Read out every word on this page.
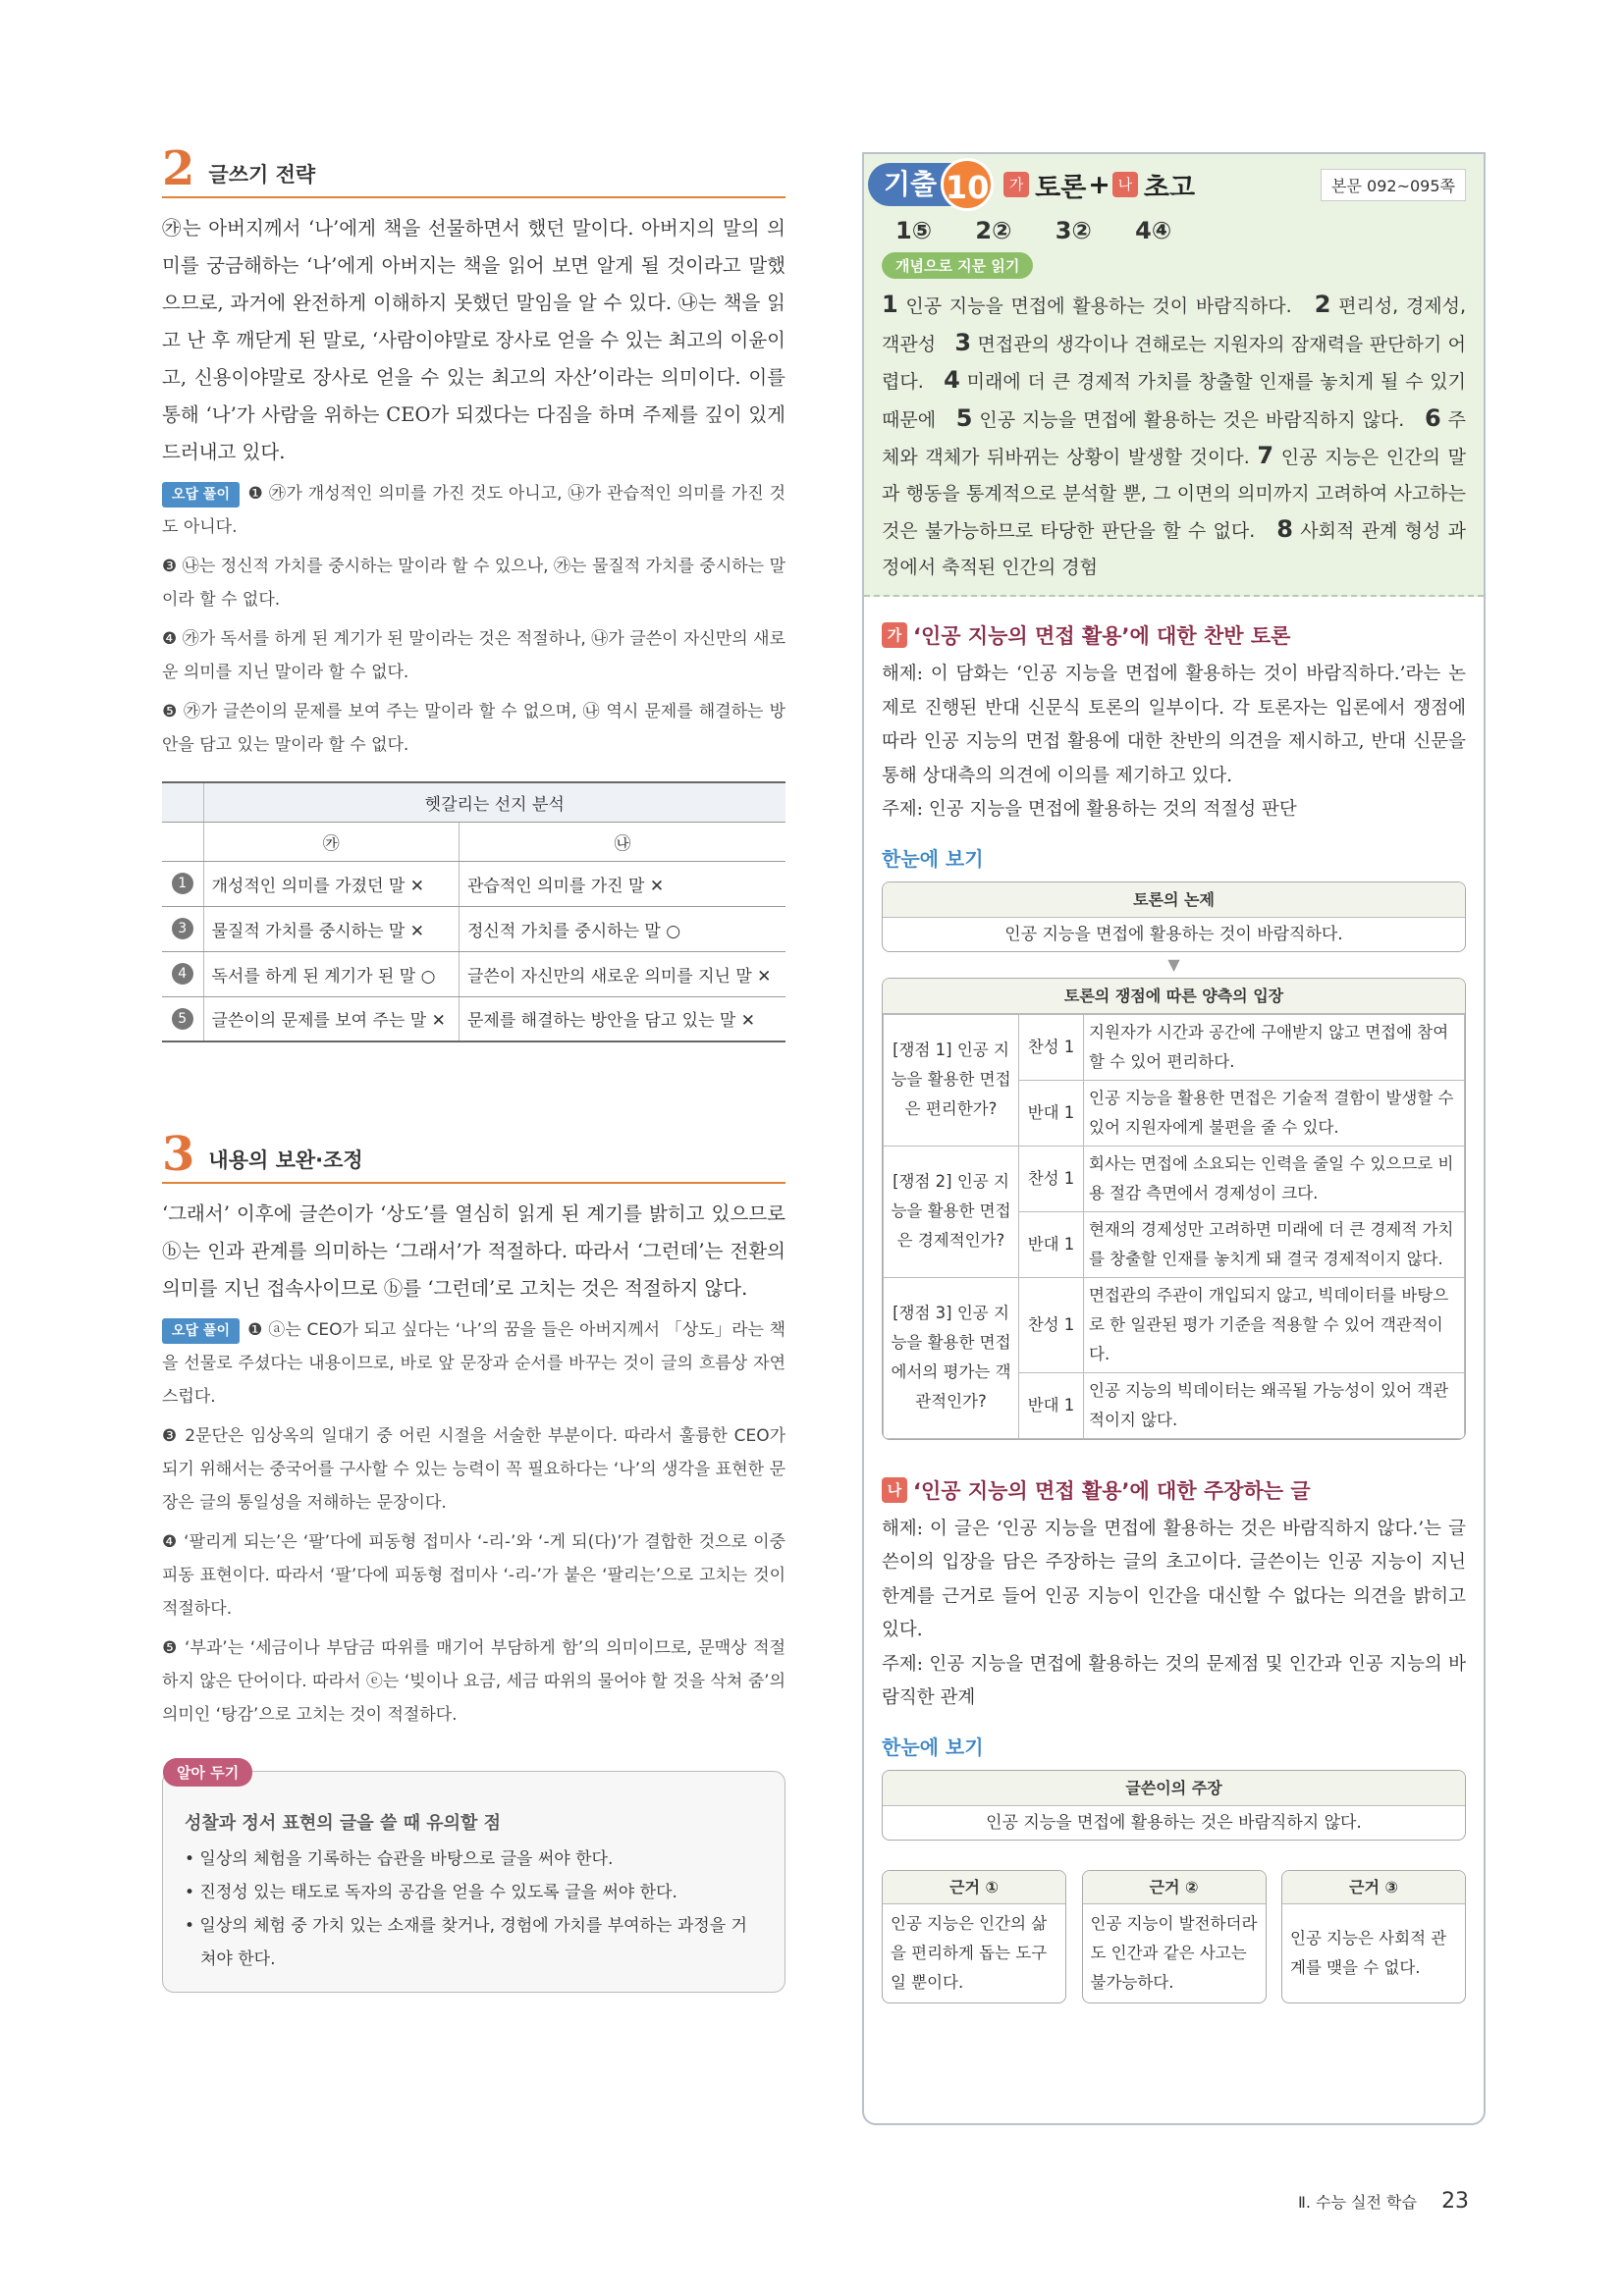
2 글쓰기 전략

㉮는 아버지께서 ‘나’에게 책을 선물하면서 했던 말이다. 아버지의 말의 의미를 궁금해하는 ‘나’에게 아버지는 책을 읽어 보면 알게 될 것이라고 말했으므로, 과거에 완전하게 이해하지 못했던 말임을 알 수 있다. ㉯는 책을 읽고 난 후 깨닫게 된 말로, ‘사람이야말로 장사로 얻을 수 있는 최고의 이윤이고, 신용이야말로 장사로 얻을 수 있는 최고의 자산’이라는 의미이다. 이를 통해 ‘나’가 사람을 위하는 CEO가 되겠다는 다짐을 하며 주제를 깊이 있게 드러내고 있다.

오답 풀이 ❶ ㉮가 개성적인 의미를 가진 것도 아니고, ㉯가 관습적인 의미를 가진 것도 아니다.
❸ ㉯는 정신적 가치를 중시하는 말이라 할 수 있으나, ㉮는 물질적 가치를 중시하는 말이라 할 수 없다.
❹ ㉮가 독서를 하게 된 계기가 된 말이라는 것은 적절하나, ㉯가 글쓴이 자신만의 새로운 의미를 지닌 말이라 할 수 없다.
❺ ㉮가 글쓴이의 문제를 보여 주는 말이라 할 수 없으며, ㉯ 역시 문제를 해결하는 방안을 담고 있는 말이라 할 수 없다.
	헷갈리는 선지 분석	
	㉮	㉯
1	개성적인 의미를 가졌던 말 ✕	관습적인 의미를 가진 말 ✕
3	물질적 가치를 중시하는 말 ✕	정신적 가치를 중시하는 말 ○
4	독서를 하게 된 계기가 된 말 ○	글쓴이 자신만의 새로운 의미를 지닌 말 ✕
5	글쓴이의 문제를 보여 주는 말 ✕	문제를 해결하는 방안을 담고 있는 말 ✕
3 내용의 보완·조정

‘그래서’ 이후에 글쓴이가 ‘상도’를 열심히 읽게 된 계기를 밝히고 있으므로 ⓑ는 인과 관계를 의미하는 ‘그래서’가 적절하다. 따라서 ‘그런데’는 전환의 의미를 지닌 접속사이므로 ⓑ를 ‘그런데’로 고치는 것은 적절하지 않다.

오답 풀이 ❶ ⓐ는 CEO가 되고 싶다는 ‘나’의 꿈을 들은 아버지께서 「상도」라는 책을 선물로 주셨다는 내용이므로, 바로 앞 문장과 순서를 바꾸는 것이 글의 흐름상 자연스럽다.
❸ 2문단은 임상옥의 일대기 중 어린 시절을 서술한 부분이다. 따라서 훌륭한 CEO가 되기 위해서는 중국어를 구사할 수 있는 능력이 꼭 필요하다는 ‘나’의 생각을 표현한 문장은 글의 통일성을 저해하는 문장이다.
❹ ‘팔리게 되는’은 ‘팔’다에 피동형 접미사 ‘-리-’와 ‘-게 되(다)’가 결합한 것으로 이중 피동 표현이다. 따라서 ‘팔’다에 피동형 접미사 ‘-리-’가 붙은 ‘팔리는’으로 고치는 것이 적절하다.
❺ ‘부과’는 ‘세금이나 부담금 따위를 매기어 부담하게 함’의 의미이므로, 문맥상 적절하지 않은 단어이다. 따라서 ⓔ는 ‘빚이나 요금, 세금 따위의 물어야 할 것을 삭쳐 줌’의 의미인 ‘탕감’으로 고치는 것이 적절하다.
알아 두기
성찰과 정서 표현의 글을 쓸 때 유의할 점
• 일상의 체험을 기록하는 습관을 바탕으로 글을 써야 한다.
• 진정성 있는 태도로 독자의 공감을 얻을 수 있도록 글을 써야 한다.
• 일상의 체험 중 가치 있는 소재를 찾거나, 경험에 가치를 부여하는 과정을 거쳐야 한다.
기출 10	가 토론 + 나 초고	본문 092~095쪽
1⑤ 2② 3② 4④
개념으로 지문 읽기

1 인공 지능을 면접에 활용하는 것이 바람직하다. 2 편리성, 경제성, 객관성 3 면접관의 생각이나 견해로는 지원자의 잠재력을 판단하기 어렵다. 4 미래에 더 큰 경제적 가치를 창출할 인재를 놓치게 될 수 있기 때문에 5 인공 지능을 면접에 활용하는 것은 바람직하지 않다. 6 주체와 객체가 뒤바뀌는 상황이 발생할 것이다. 7 인공 지능은 인간의 말과 행동을 통계적으로 분석할 뿐, 그 이면의 의미까지 고려하여 사고하는 것은 불가능하므로 타당한 판단을 할 수 없다. 8 사회적 관계 형성 과정에서 축적된 인간의 경험

가 ‘인공 지능의 면접 활용’에 대한 찬반 토론

해제: 이 담화는 ‘인공 지능을 면접에 활용하는 것이 바람직하다.’라는 논제로 진행된 반대 신문식 토론의 일부이다. 각 토론자는 입론에서 쟁점에 따라 인공 지능의 면접 활용에 대한 찬반의 의견을 제시하고, 반대 신문을 통해 상대측의 의견에 이의를 제기하고 있다.

주제: 인공 지능을 면접에 활용하는 것의 적절성 판단

한눈에 보기
토론의 논제
인공 지능을 면접에 활용하는 것이 바람직하다.
▼
토론의 쟁점에 따른 양측의 입장
[쟁점 1] 인공 지능을 활용한 면접은 편리한가?	찬성 1	지원자가 시간과 공간에 구애받지 않고 면접에 참여할 수 있어 편리하다.
	반대 1	인공 지능을 활용한 면접은 기술적 결함이 발생할 수 있어 지원자에게 불편을 줄 수 있다.
[쟁점 2] 인공 지능을 활용한 면접은 경제적인가?	찬성 1	회사는 면접에 소요되는 인력을 줄일 수 있으므로 비용 절감 측면에서 경제성이 크다.
	반대 1	현재의 경제성만 고려하면 미래에 더 큰 경제적 가치를 창출할 인재를 놓치게 돼 결국 경제적이지 않다.
[쟁점 3] 인공 지능을 활용한 면접에서의 평가는 객관적인가?	찬성 1	면접관의 주관이 개입되지 않고, 빅데이터를 바탕으로 한 일관된 평가 기준을 적용할 수 있어 객관적이다.
	반대 1	인공 지능의 빅데이터는 왜곡될 가능성이 있어 객관적이지 않다.
나 ‘인공 지능의 면접 활용’에 대한 주장하는 글

해제: 이 글은 ‘인공 지능을 면접에 활용하는 것은 바람직하지 않다.’는 글쓴이의 입장을 담은 주장하는 글의 초고이다. 글쓴이는 인공 지능이 지닌 한계를 근거로 들어 인공 지능이 인간을 대신할 수 없다는 의견을 밝히고 있다.

주제: 인공 지능을 면접에 활용하는 것의 문제점 및 인간과 인공 지능의 바람직한 관계

한눈에 보기
글쓴이의 주장
인공 지능을 면접에 활용하는 것은 바람직하지 않다.
근거 ①
인공 지능은 인간의 삶을 편리하게 돕는 도구일 뿐이다.
근거 ②
인공 지능이 발전하더라도 인간과 같은 사고는 불가능하다.
근거 ③
인공 지능은 사회적 관계를 맺을 수 없다.
Ⅱ. 수능 실전 학습 23
